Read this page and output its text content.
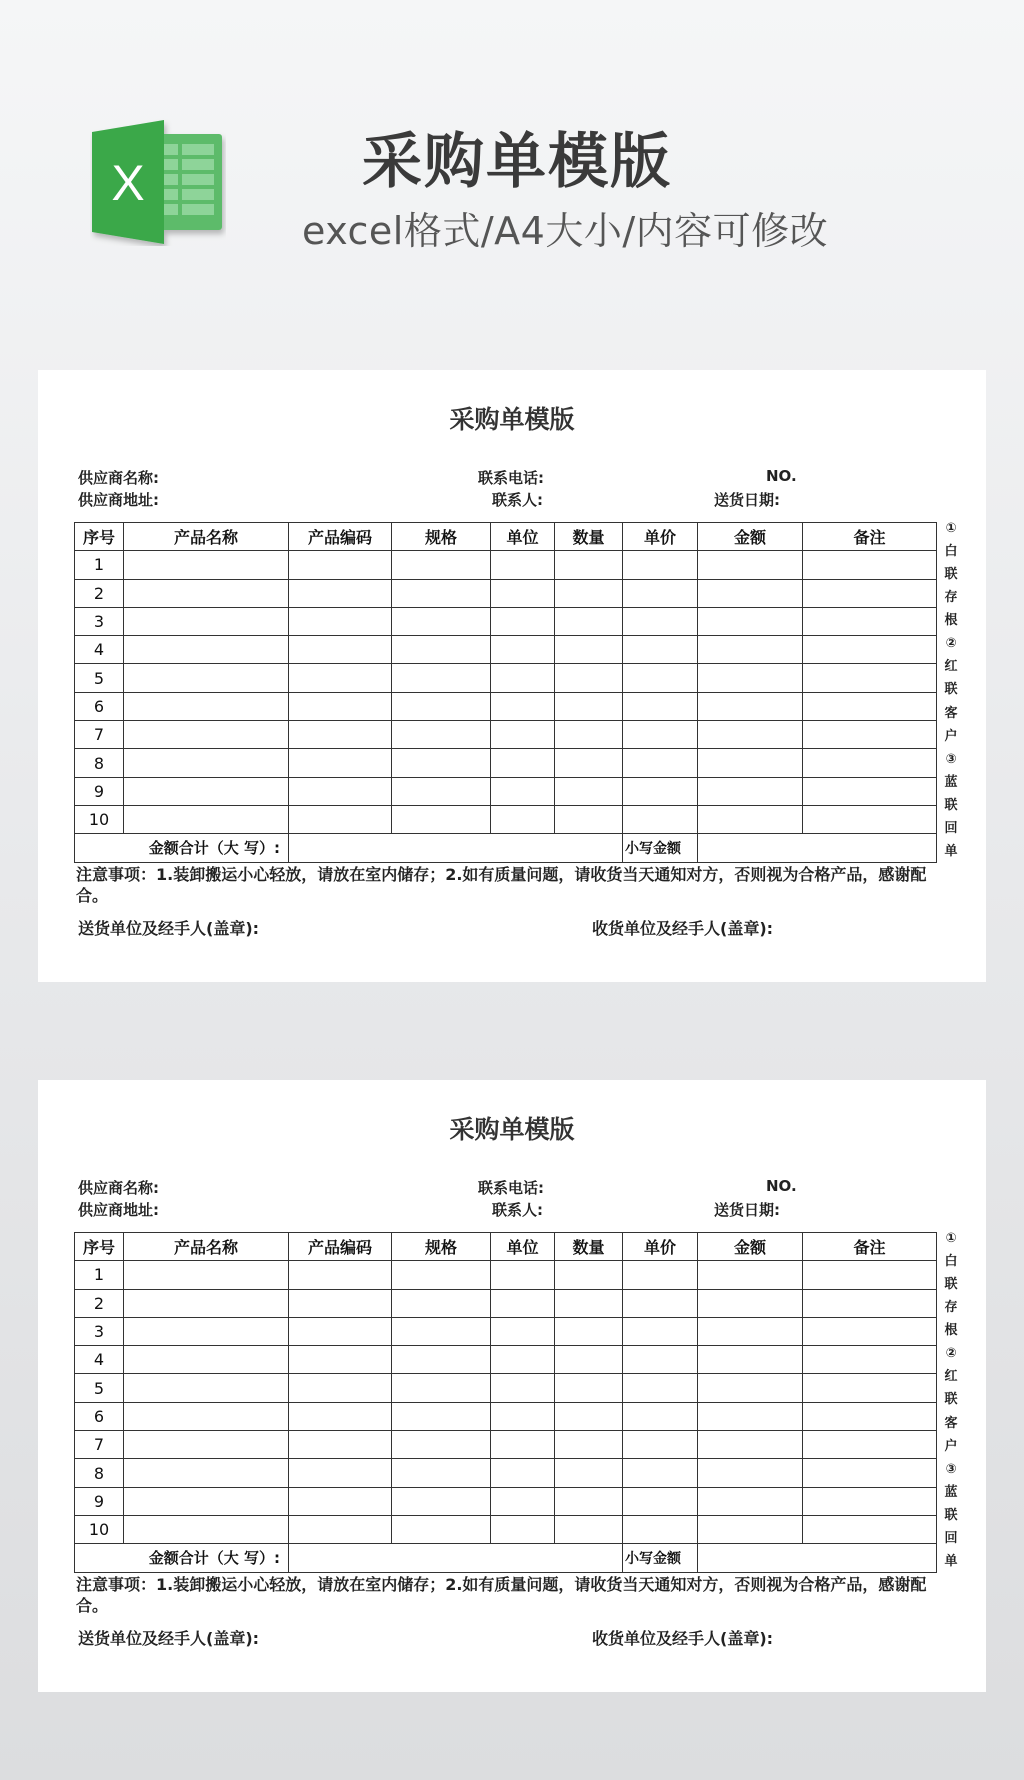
X	采购单模版
excel格式/A4大小/内容可修改
采购单模版
供应商名称:
供应商地址:
联系电话:
联系人:
NO.
送货日期:
序号	产品名称	产品编码	规格	单位	数量	单价	金额	备注
1								
2								
3								
4								
5								
6								
7								
8								
9								
10								
金额合计（大 写）:						小写金额		
①
白
联
存
根
②
红
联
客
户
③
蓝
联
回
单
注意事项：1.装卸搬运小心轻放，请放在室内储存；2.如有质量问题，请收货当天通知对方，否则视为合格产品，感谢配合。
送货单位及经手人(盖章):	收货单位及经手人(盖章):
采购单模版
供应商名称:
供应商地址:
联系电话:
联系人:
NO.
送货日期:
序号	产品名称	产品编码	规格	单位	数量	单价	金额	备注
1								
2								
3								
4								
5								
6								
7								
8								
9								
10								
金额合计（大 写）:						小写金额		
①
白
联
存
根
②
红
联
客
户
③
蓝
联
回
单
注意事项：1.装卸搬运小心轻放，请放在室内储存；2.如有质量问题，请收货当天通知对方，否则视为合格产品，感谢配合。
送货单位及经手人(盖章):	收货单位及经手人(盖章):
